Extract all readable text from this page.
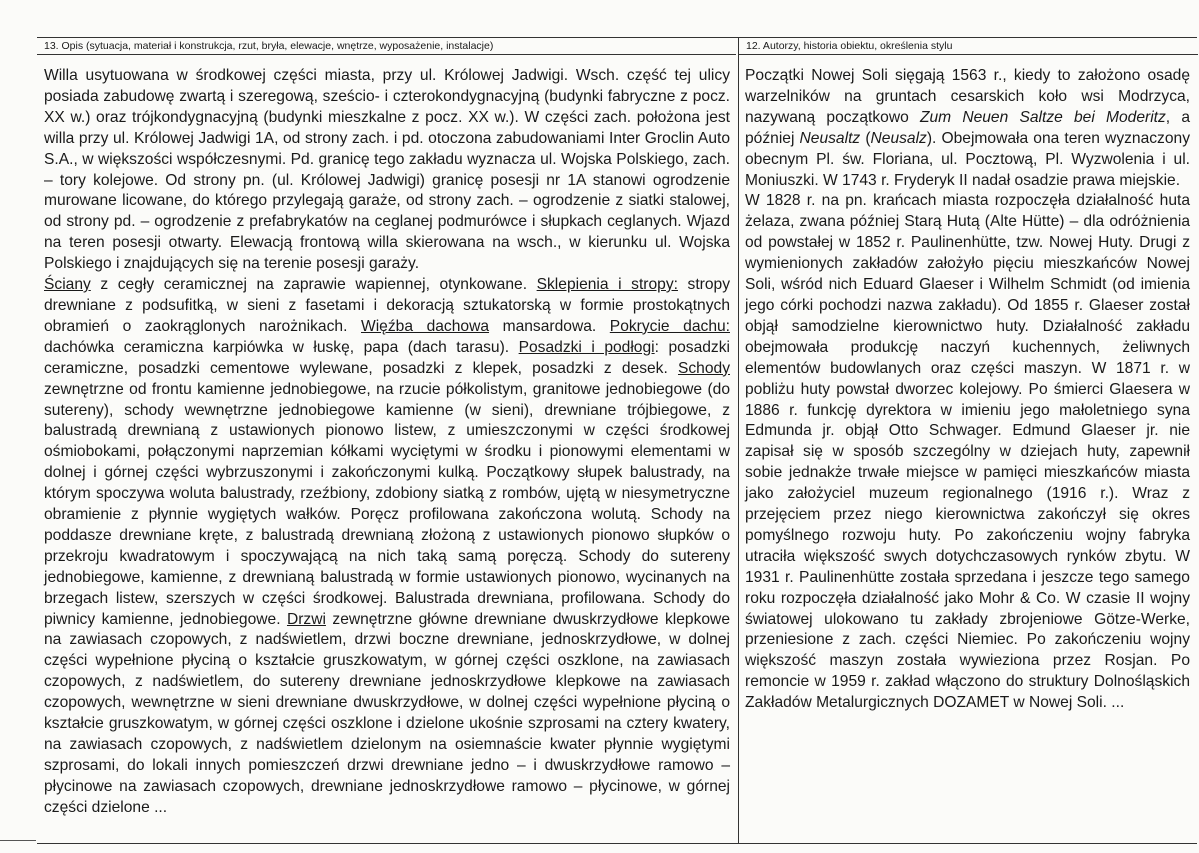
13. Opis (sytuacja, materiał i konstrukcja, rzut, bryła, elewacje, wnętrze, wyposażenie, instalacje)

Willa usytuowana w środkowej części miasta, przy ul. Królowej Jadwigi. Wsch. część tej ulicy posiada zabudowę zwartą i szeregową, sześcio- i czterokondygnacyjną (budynki fabryczne z pocz. XX w.) oraz trójkondygnacyjną (budynki mieszkalne z pocz. XX w.). W części zach. położona jest willa przy ul. Królowej Jadwigi 1A, od strony zach. i pd. otoczona zabudowaniami Inter Groclin Auto S.A., w większości współczesnymi. Pd. granicę tego zakładu wyznacza ul. Wojska Polskiego, zach. – tory kolejowe. Od strony pn. (ul. Królowej Jadwigi) granicę posesji nr 1A stanowi ogrodzenie murowane licowane, do którego przylegają garaże, od strony zach. – ogrodzenie z siatki stalowej, od strony pd. – ogrodzenie z prefabrykatów na ceglanej podmurówce i słupkach ceglanych. Wjazd na teren posesji otwarty. Elewacją frontową willa skierowana na wsch., w kierunku ul. Wojska Polskiego i znajdujących się na terenie posesji garaży.

Ściany z cegły ceramicznej na zaprawie wapiennej, otynkowane. Sklepienia i stropy: stropy drewniane z podsufitką, w sieni z fasetami i dekoracją sztukatorską w formie prostokątnych obramień o zaokrąglonych narożnikach. Więźba dachowa mansardowa. Pokrycie dachu: dachówka ceramiczna karpiówka w łuskę, papa (dach tarasu). Posadzki i podłogi: posadzki ceramiczne, posadzki cementowe wylewane, posadzki z klepek, posadzki z desek. Schody zewnętrzne od frontu kamienne jednobiegowe, na rzucie półkolistym, granitowe jednobiegowe (do sutereny), schody wewnętrzne jednobiegowe kamienne (w sieni), drewniane trójbiegowe, z balustradą drewnianą z ustawionych pionowo listew, z umieszczonymi w części środkowej ośmiobokami, połączonymi naprzemian kółkami wyciętymi w środku i pionowymi elementami w dolnej i górnej części wybrzuszonymi i zakończonymi kulką. Początkowy słupek balustrady, na którym spoczywa woluta balustrady, rzeźbiony, zdobiony siatką z rombów, ujętą w niesymetryczne obramienie z płynnie wygiętych wałków. Poręcz profilowana zakończona wolutą. Schody na poddasze drewniane kręte, z balustradą drewnianą złożoną z ustawionych pionowo słupków o przekroju kwadratowym i spoczywającą na nich taką samą poręczą. Schody do sutereny jednobiegowe, kamienne, z drewnianą balustradą w formie ustawionych pionowo, wycinanych na brzegach listew, szerszych w części środkowej. Balustrada drewniana, profilowana. Schody do piwnicy kamienne, jednobiegowe. Drzwi zewnętrzne główne drewniane dwuskrzydłowe klepkowe na zawiasach czopowych, z nadświetlem, drzwi boczne drewniane, jednoskrzydłowe, w dolnej części wypełnione płyciną o kształcie gruszkowatym, w górnej części oszklone, na zawiasach czopowych, z nadświetlem, do sutereny drewniane jednoskrzydłowe klepkowe na zawiasach czopowych, wewnętrzne w sieni drewniane dwuskrzydłowe, w dolnej części wypełnione płyciną o kształcie gruszkowatym, w górnej części oszklone i dzielone ukośnie szprosami na cztery kwatery, na zawiasach czopowych, z nadświetlem dzielonym na osiemnaście kwater płynnie wygiętymi szprosami, do lokali innych pomieszczeń drzwi drewniane jedno – i dwuskrzydłowe ramowo – płycinowe na zawiasach czopowych, drewniane jednoskrzydłowe ramowo – płycinowe, w górnej części dzielone ...

12. Autorzy, historia obiektu, określenia stylu

Początki Nowej Soli sięgają 1563 r., kiedy to założono osadę warzelników na gruntach cesarskich koło wsi Modrzyca, nazywaną początkowo Zum Neuen Saltze bei Moderitz, a później Neusaltz (Neusalz). Obejmowała ona teren wyznaczony obecnym Pl. św. Floriana, ul. Pocztową, Pl. Wyzwolenia i ul. Moniuszki. W 1743 r. Fryderyk II nadał osadzie prawa miejskie.

W 1828 r. na pn. krańcach miasta rozpoczęła działalność huta żelaza, zwana później Starą Hutą (Alte Hütte) – dla odróżnienia od powstałej w 1852 r. Paulinenhütte, tzw. Nowej Huty. Drugi z wymienionych zakładów założyło pięciu mieszkańców Nowej Soli, wśród nich Eduard Glaeser i Wilhelm Schmidt (od imienia jego córki pochodzi nazwa zakładu). Od 1855 r. Glaeser został objął samodzielne kierownictwo huty. Działalność zakładu obejmowała produkcję naczyń kuchennych, żeliwnych elementów budowlanych oraz części maszyn. W 1871 r. w pobliżu huty powstał dworzec kolejowy. Po śmierci Glaesera w 1886 r. funkcję dyrektora w imieniu jego małoletniego syna Edmunda jr. objął Otto Schwager. Edmund Glaeser jr. nie zapisał się w sposób szczególny w dziejach huty, zapewnił sobie jednakże trwałe miejsce w pamięci mieszkańców miasta jako założyciel muzeum regionalnego (1916 r.). Wraz z przejęciem przez niego kierownictwa zakończył się okres pomyślnego rozwoju huty. Po zakończeniu wojny fabryka utraciła większość swych dotychczasowych rynków zbytu. W 1931 r. Paulinenhütte została sprzedana i jeszcze tego samego roku rozpoczęła działalność jako Mohr & Co. W czasie II wojny światowej ulokowano tu zakłady zbrojeniowe Götze-Werke, przeniesione z zach. części Niemiec. Po zakończeniu wojny większość maszyn została wywieziona przez Rosjan. Po remoncie w 1959 r. zakład włączono do struktury Dolnośląskich Zakładów Metalurgicznych DOZAMET w Nowej Soli. ...
